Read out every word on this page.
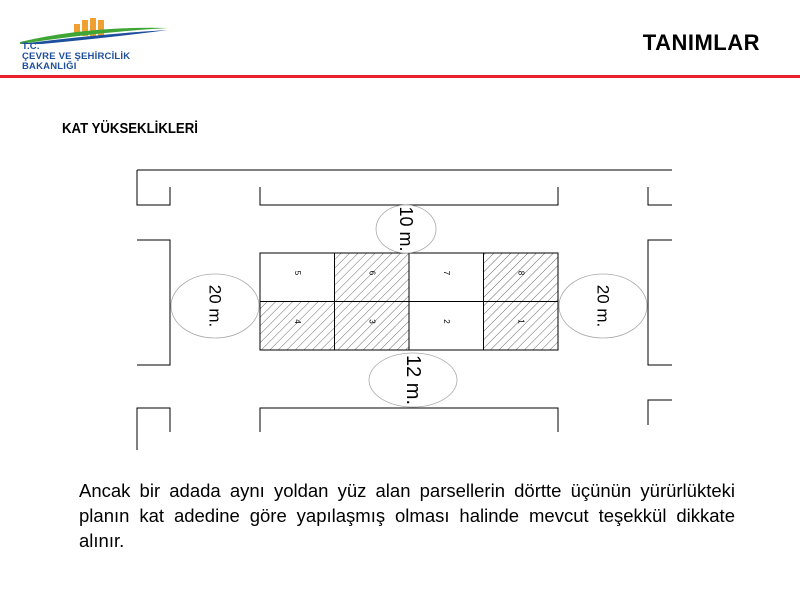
T.C.
ÇEVRE VE ŞEHİRCİLİK
BAKANLIĞI
TANIMLAR
KAT YÜKSEKLİKLERİ
5	6	7	8
4	3	2	1
10 m.
12 m.
20 m.	20 m.
Ancak bir adada aynı yoldan yüz alan parsellerin dörtte üçünün yürürlükteki planın kat adedine göre yapılaşmış olması halinde mevcut teşekkül dikkate alınır.
